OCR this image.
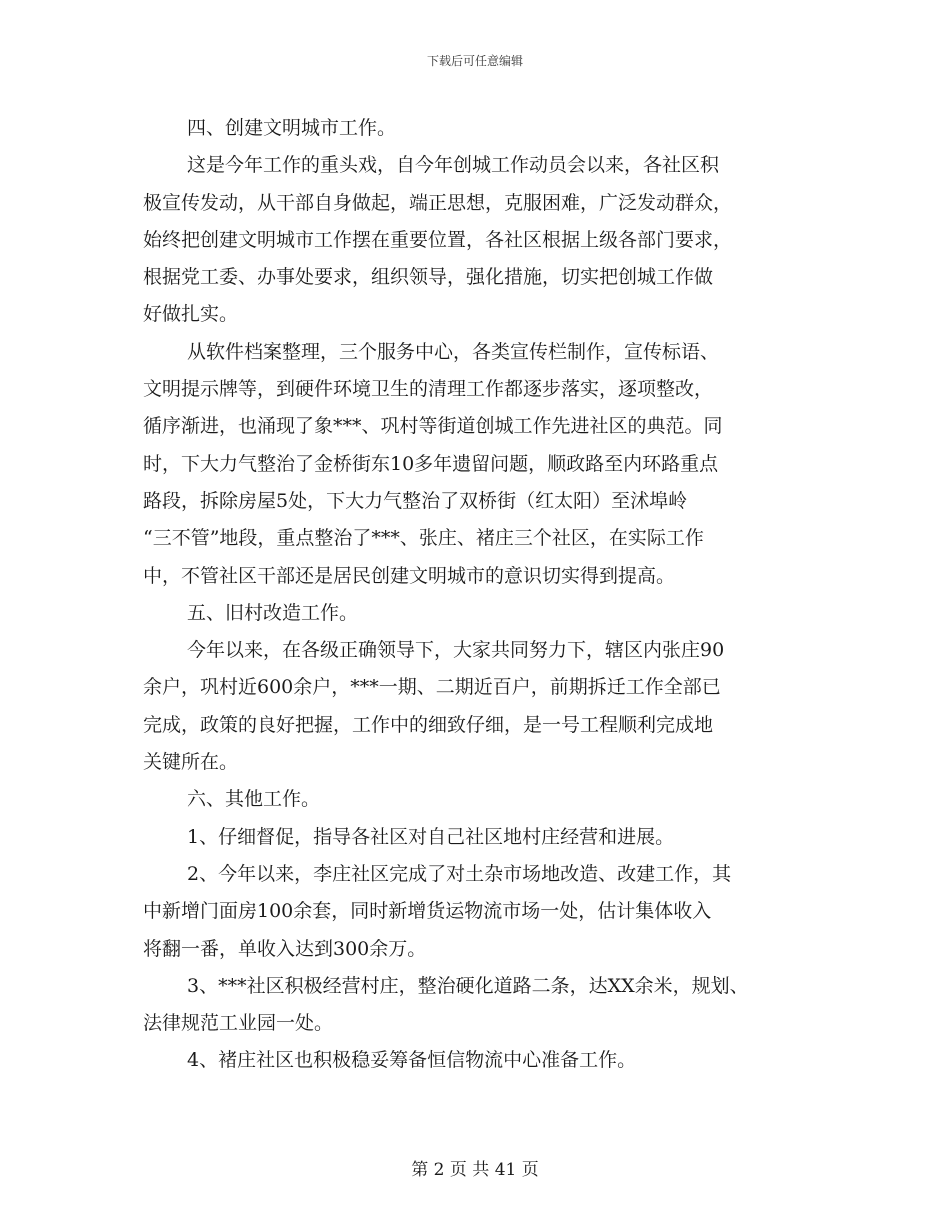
下载后可任意编辑
四、创建文明城市工作。
这是今年工作的重头戏，自今年创城工作动员会以来，各社区积
极宣传发动，从干部自身做起，端正思想，克服困难，广泛发动群众，
始终把创建文明城市工作摆在重要位置，各社区根据上级各部门要求，
根据党工委、办事处要求，组织领导，强化措施，切实把创城工作做
好做扎实。
从软件档案整理，三个服务中心，各类宣传栏制作，宣传标语、
文明提示牌等，到硬件环境卫生的清理工作都逐步落实，逐项整改，
循序渐进，也涌现了象***、巩村等街道创城工作先进社区的典范。同
时，下大力气整治了金桥街东10多年遗留问题，顺政路至内环路重点
路段，拆除房屋5处，下大力气整治了双桥街（红太阳）至沭埠岭
“三不管”地段，重点整治了***、张庄、褚庄三个社区，在实际工作
中，不管社区干部还是居民创建文明城市的意识切实得到提高。
五、旧村改造工作。
今年以来，在各级正确领导下，大家共同努力下，辖区内张庄90
余户，巩村近600余户，***一期、二期近百户，前期拆迁工作全部已
完成，政策的良好把握，工作中的细致仔细，是一号工程顺利完成地
关键所在。
六、其他工作。
1、仔细督促，指导各社区对自己社区地村庄经营和进展。
2、今年以来，李庄社区完成了对土杂市场地改造、改建工作，其
中新增门面房100余套，同时新增货运物流市场一处，估计集体收入
将翻一番，单收入达到300余万。
3、***社区积极经营村庄，整治硬化道路二条，达XX余米，规划、
法律规范工业园一处。
4、褚庄社区也积极稳妥筹备恒信物流中心准备工作。
第 2 页 共 41 页
